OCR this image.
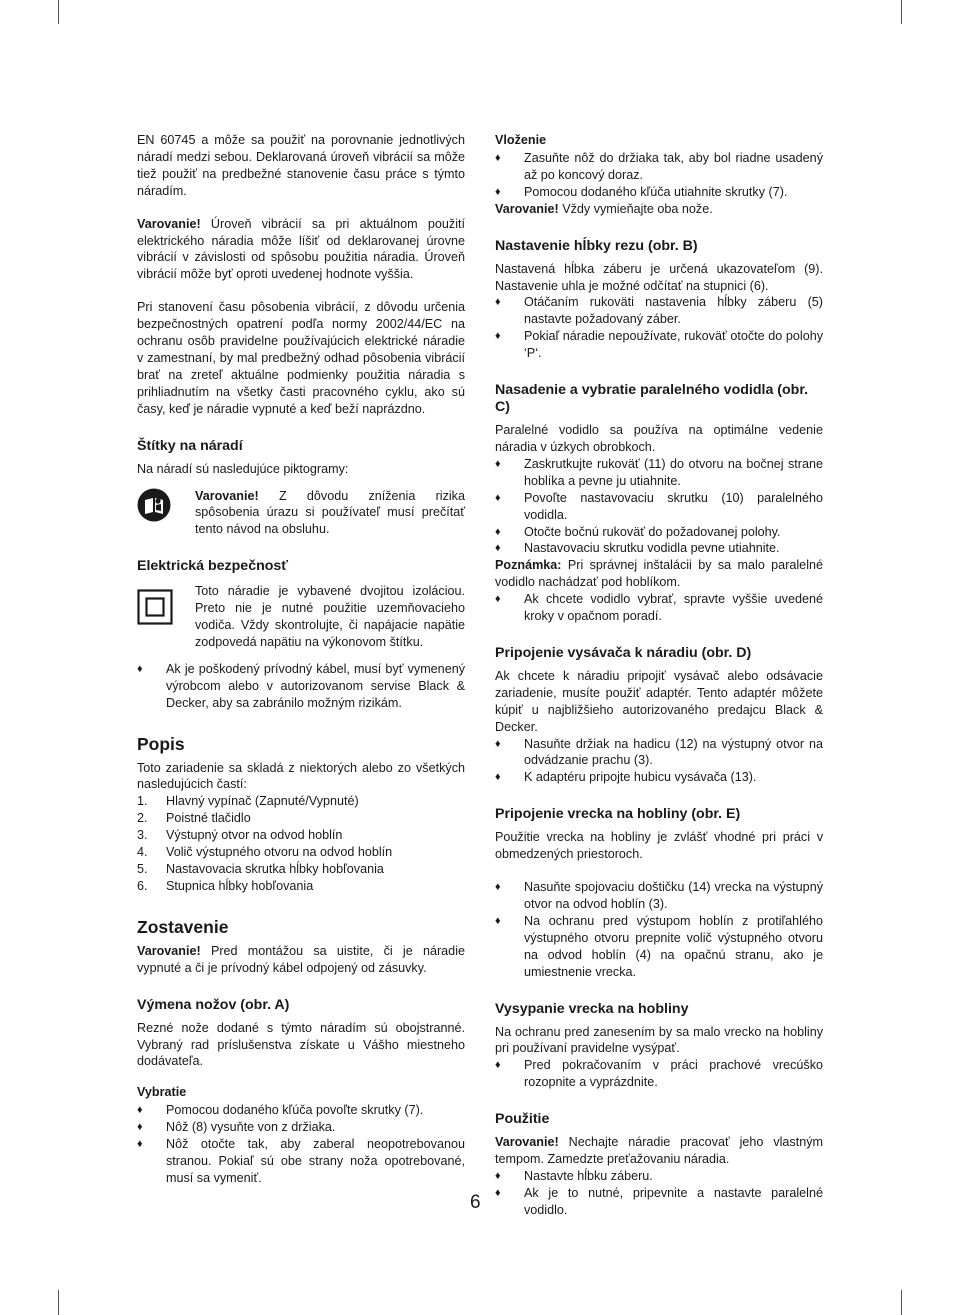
EN 60745 a môže sa použiť na porovnanie jednotlivých náradí medzi sebou. Deklarovaná úroveň vibrácií sa môže tiež použiť na predbežné stanovenie času práce s týmto náradím.

Varovanie! Úroveň vibrácií sa pri aktuálnom použití elektrického náradia môže líšiť od deklarovanej úrovne vibrácií v závislosti od spôsobu použitia náradia. Úroveň vibrácií môže byť oproti uvedenej hodnote vyššia.

Pri stanovení času pôsobenia vibrácií, z dôvodu určenia bezpečnostných opatrení podľa normy 2002/44/EC na ochranu osôb pravidelne používajúcich elektrické náradie v zamestnaní, by mal predbežný odhad pôsobenia vibrácií brať na zreteľ aktuálne podmienky použitia náradia s prihliadnutím na všetky časti pracovného cyklu, ako sú časy, keď je náradie vypnuté a keď beží naprázdno.

Štítky na náradí

Na náradí sú nasledujúce piktogramy:

Varovanie! Z dôvodu zníženia rizika spôsobenia úrazu si používateľ musí prečítať tento návod na obsluhu.

Elektrická bezpečnosť

Toto náradie je vybavené dvojitou izoláciou. Preto nie je nutné použitie uzemňovacieho vodiča. Vždy skontrolujte, či napájacie napätie zodpovedá napätiu na výkonovom štítku.

♦ Ak je poškodený prívodný kábel, musí byť vymenený výrobcom alebo v autorizovanom servise Black & Decker, aby sa zabránilo možným rizikám.
Popis

Toto zariadenie sa skladá z niektorých alebo zo všetkých nasledujúcich častí:

1. Hlavný vypínač (Zapnuté/Vypnuté)
2. Poistné tlačidlo
3. Výstupný otvor na odvod hoblín
4. Volič výstupného otvoru na odvod hoblín
5. Nastavovacia skrutka hĺbky hobľovania
6. Stupnica hĺbky hobľovania
Zostavenie

Varovanie! Pred montážou sa uistite, či je náradie vypnuté a či je prívodný kábel odpojený od zásuvky.

Výmena nožov (obr. A)

Rezné nože dodané s týmto náradím sú obojstranné. Vybraný rad príslušenstva získate u Vášho miestneho dodávateľa.

Vybratie
♦ Pomocou dodaného kľúča povoľte skrutky (7).
♦ Nôž (8) vysuňte von z držiaka.
♦ Nôž otočte tak, aby zaberal neopotrebovanou stranou. Pokiaľ sú obe strany noža opotrebované, musí sa vymeniť.
Vloženie
♦ Zasuňte nôž do držiaka tak, aby bol riadne usadený až po koncový doraz.
♦ Pomocou dodaného kľúča utiahnite skrutky (7).

Varovanie! Vždy vymieňajte oba nože.

Nastavenie hĺbky rezu (obr. B)

Nastavená hĺbka záberu je určená ukazovateľom (9). Nastavenie uhla je možné odčítať na stupnici (6).

♦ Otáčaním rukoväti nastavenia hĺbky záberu (5) nastavte požadovaný záber.
♦ Pokiaľ náradie nepoužívate, rukoväť otočte do polohy ‘P‘.
Nasadenie a vybratie paralelného vodidla (obr. C)

Paralelné vodidlo sa používa na optimálne vedenie náradia v úzkych obrobkoch.

♦ Zaskrutkujte rukoväť (11) do otvoru na bočnej strane hoblíka a pevne ju utiahnite.
♦ Povoľte nastavovaciu skrutku (10) paralelného vodidla.
♦ Otočte bočnú rukoväť do požadovanej polohy.
♦ Nastavovaciu skrutku vodidla pevne utiahnite.

Poznámka: Pri správnej inštalácii by sa malo paralelné vodidlo nachádzať pod hoblíkom.

♦ Ak chcete vodidlo vybrať, spravte vyššie uvedené kroky v opačnom poradí.
Pripojenie vysávača k náradiu (obr. D)

Ak chcete k náradiu pripojiť vysávač alebo odsávacie zariadenie, musíte použiť adaptér. Tento adaptér môžete kúpiť u najbližšieho autorizovaného predajcu Black & Decker.

♦ Nasuňte držiak na hadicu (12) na výstupný otvor na odvádzanie prachu (3).
♦ K adaptéru pripojte hubicu vysávača (13).
Pripojenie vrecka na hobliny (obr. E)

Použitie vrecka na hobliny je zvlášť vhodné pri práci v obmedzených priestoroch.

♦ Nasuňte spojovaciu doštičku (14) vrecka na výstupný otvor na odvod hoblín (3).
♦ Na ochranu pred výstupom hoblín z protiľahlého výstupného otvoru prepnite volič výstupného otvoru na odvod hoblín (4) na opačnú stranu, ako je umiestnenie vrecka.
Vysypanie vrecka na hobliny

Na ochranu pred zanesením by sa malo vrecko na hobliny pri používaní pravidelne vysýpať.

♦ Pred pokračovaním v práci prachové vrecúško rozopnite a vyprázdnite.
Použitie

Varovanie! Nechajte náradie pracovať jeho vlastným tempom. Zamedzte preťažovaniu náradia.

♦ Nastavte hĺbku záberu.
♦ Ak je to nutné, pripevnite a nastavte paralelné vodidlo.
6
